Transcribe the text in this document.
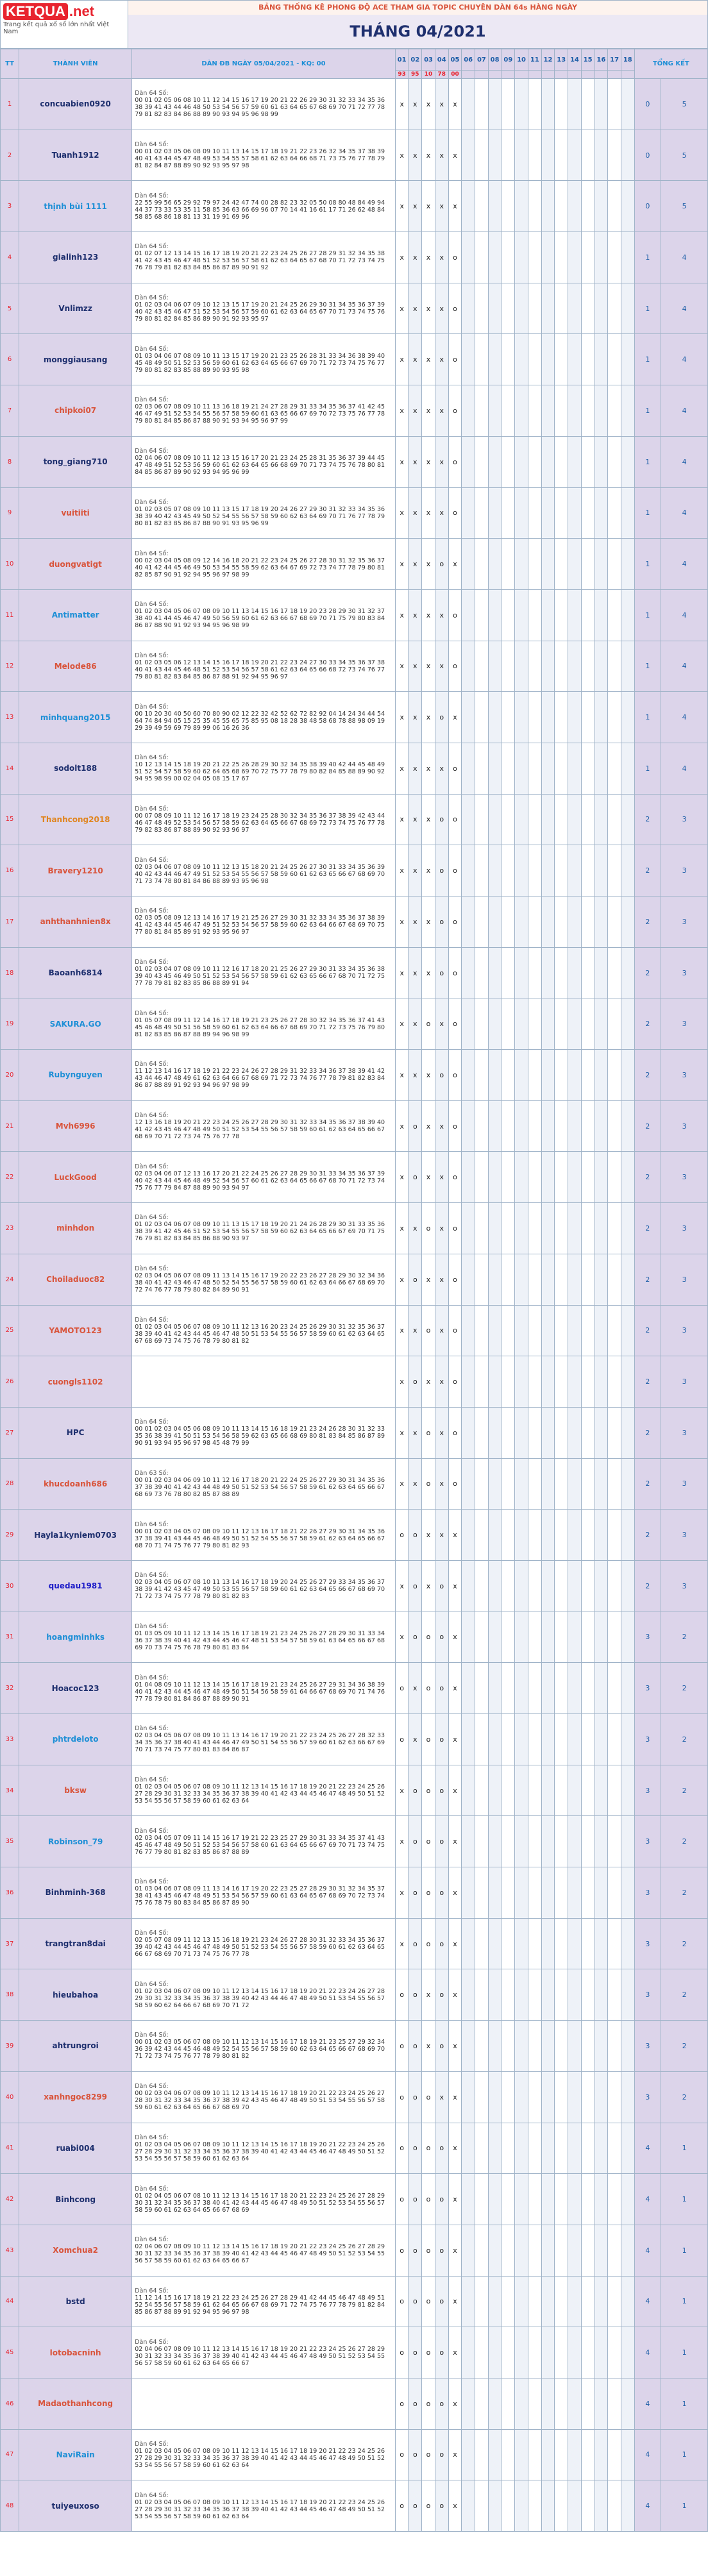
KETQUA .net
Trang kết quả xổ số lớn nhất Việt Nam
BẢNG THỐNG KÊ PHONG ĐỘ ACE THAM GIA TOPIC CHUYÊN DÀN 64s HÀNG NGÀY
THÁNG 04/2021
TT	THÀNH VIÊN	DÀN ĐB NGÀY 05/04/2021 - KQ: 00	01	02	03	04	05	06	07	08	09	10	11	12	13	14	15	16	17	18	TỔNG KẾT	
			93	95	10	78	00															
1	concuabien0920	Dàn 64 Số:
00 01 02 05 06 08 10 11 12 14 15 16 17 19 20 21 22 26 29 30 31 32 33 34 35 36 38 39 41 43 44 46 48 50 53 54 56 57 59 60 61 63 64 65 67 68 69 70 71 72 77 78 79 81 82 83 84 86 88 89 90 93 94 95 96 98 99	x	x	x	x	x														0	5
2	Tuanh1912	Dàn 64 Số:
00 01 02 03 05 06 08 09 10 11 13 14 15 17 18 19 21 22 23 26 32 34 35 37 38 39 40 41 43 44 45 47 48 49 53 54 55 57 58 61 62 63 64 66 68 71 73 75 76 77 78 79 81 82 84 87 88 89 90 92 93 95 97 98	x	x	x	x	x														0	5
3	thịnh bùi 1111	Dàn 64 Số:
22 55 99 56 65 29 92 79 97 24 42 47 74 00 28 82 23 32 05 50 08 80 48 84 49 94 44 37 73 33 53 35 11 58 85 36 63 66 69 96 07 70 14 41 16 61 17 71 26 62 48 84 58 85 68 86 18 81 13 31 19 91 69 96	x	x	x	x	x														0	5
4	gialinh123	Dàn 64 Số:
01 02 07 12 13 14 15 16 17 18 19 20 21 22 23 24 25 26 27 28 29 31 32 34 35 38 41 42 43 45 46 47 48 51 52 53 56 57 58 61 62 63 64 65 67 68 70 71 72 73 74 75 76 78 79 81 82 83 84 85 86 87 89 90 91 92	x	x	x	x	o														1	4
5	Vnlimzz	Dàn 64 Số:
01 02 03 04 06 07 09 10 12 13 15 17 19 20 21 24 25 26 29 30 31 34 35 36 37 39 40 42 43 45 46 47 51 52 53 54 56 57 59 60 61 62 63 64 65 67 70 71 73 74 75 76 79 80 81 82 84 85 86 89 90 91 92 93 95 97	x	x	x	x	o														1	4
6	monggiausang	Dàn 64 Số:
01 03 04 06 07 08 09 10 11 13 15 17 19 20 21 23 25 26 28 31 33 34 36 38 39 40 45 48 49 50 51 52 53 56 59 60 61 62 63 64 65 66 67 69 70 71 72 73 74 75 76 77 79 80 81 82 83 85 88 89 90 93 95 98	x	x	x	x	o														1	4
7	chipkoi07	Dàn 64 Số:
02 03 06 07 08 09 10 11 13 16 18 19 21 24 27 28 29 31 33 34 35 36 37 41 42 45 46 47 49 51 52 53 54 55 56 57 58 59 60 61 63 65 66 67 69 70 72 73 75 76 77 78 79 80 81 84 85 86 87 88 90 91 93 94 95 96 97 99	x	x	x	x	o														1	4
8	tong_giang710	Dàn 64 Số:
02 04 06 07 08 09 10 11 12 13 15 16 17 20 21 23 24 25 28 31 35 36 37 39 44 45 47 48 49 51 52 53 56 59 60 61 62 63 64 65 66 68 69 70 71 73 74 75 76 78 80 81 84 85 86 87 89 90 92 93 94 95 96 99	x	x	x	x	o														1	4
9	vuitiiti	Dàn 64 Số:
01 02 03 05 07 08 09 10 11 13 15 17 18 19 20 24 26 27 29 30 31 32 33 34 35 36 38 39 40 42 43 45 49 50 52 54 55 56 57 58 59 60 62 63 64 69 70 71 76 77 78 79 80 81 82 83 85 86 87 88 90 91 93 95 96 99	x	x	x	x	o														1	4
10	duongvatigt	Dàn 64 Số:
00 02 03 04 05 08 09 12 14 16 18 20 21 22 23 24 25 26 27 28 30 31 32 35 36 37 40 41 42 44 45 46 49 50 53 54 55 58 59 62 63 64 67 69 72 73 74 77 78 79 80 81 82 85 87 90 91 92 94 95 96 97 98 99	x	x	x	o	x														1	4
11	Antimatter	Dàn 64 Số:
01 02 03 04 05 06 07 08 09 10 11 13 14 15 16 17 18 19 20 23 28 29 30 31 32 37 38 40 41 44 45 46 47 49 50 56 59 60 61 62 63 66 67 68 69 70 71 75 79 80 83 84 86 87 88 90 91 92 93 94 95 96 98 99	x	x	x	x	o														1	4
12	Melode86	Dàn 64 Số:
01 02 03 05 06 12 13 14 15 16 17 18 19 20 21 22 23 24 27 30 33 34 35 36 37 38 40 41 43 44 45 46 48 51 52 53 54 56 57 58 61 62 63 64 65 66 68 72 73 74 76 77 79 80 81 82 83 84 85 86 87 88 91 92 94 95 96 97	x	x	x	x	o														1	4
13	minhquang2015	Dàn 64 Số:
00 10 20 30 40 50 60 70 80 90 02 12 22 32 42 52 62 72 82 92 04 14 24 34 44 54 64 74 84 94 05 15 25 35 45 55 65 75 85 95 08 18 28 38 48 58 68 78 88 98 09 19 29 39 49 59 69 79 89 99 06 16 26 36	x	x	x	o	x														1	4
14	sodolt188	Dàn 64 Số:
10 12 13 14 15 18 19 20 21 22 25 26 28 29 30 32 34 35 38 39 40 42 44 45 48 49 51 52 54 57 58 59 60 62 64 65 68 69 70 72 75 77 78 79 80 82 84 85 88 89 90 92 94 95 98 99 00 02 04 05 08 15 17 67	x	x	x	x	o														1	4
15	Thanhcong2018	Dàn 64 Số:
00 07 08 09 10 11 12 16 17 18 19 23 24 25 28 30 32 34 35 36 37 38 39 42 43 44 46 47 48 49 52 53 54 56 57 58 59 62 63 64 65 66 67 68 69 72 73 74 75 76 77 78 79 82 83 86 87 88 89 90 92 93 96 97	x	x	x	o	o														2	3
16	Bravery1210	Dàn 64 Số:
02 03 04 06 07 08 09 10 11 12 13 15 18 20 21 24 25 26 27 30 31 33 34 35 36 39 40 42 43 44 46 47 49 51 52 53 54 55 56 57 58 59 60 61 62 63 65 66 67 68 69 70 71 73 74 78 80 81 84 86 88 89 93 95 96 98	x	x	x	o	o														2	3
17	anhthanhnien8x	Dàn 64 Số:
02 03 05 08 09 12 13 14 16 17 19 21 25 26 27 29 30 31 32 33 34 35 36 37 38 39 41 42 43 44 45 46 47 49 51 52 53 54 56 57 58 59 60 62 63 64 66 67 68 69 70 75 77 80 81 84 85 89 91 92 93 95 96 97	x	x	x	o	o														2	3
18	Baoanh6814	Dàn 64 Số:
01 02 03 04 07 08 09 10 11 12 16 17 18 20 21 25 26 27 29 30 31 33 34 35 36 38 39 40 43 45 46 49 50 51 52 53 54 56 57 58 59 61 62 63 65 66 67 68 70 71 72 75 77 78 79 81 82 83 85 86 88 89 91 94	x	x	x	o	o														2	3
19	SAKURA.GO	Dàn 64 Số:
01 05 07 08 09 11 12 14 16 17 18 19 21 23 25 26 27 28 30 32 34 35 36 37 41 43 45 46 48 49 50 51 56 58 59 60 61 62 63 64 66 67 68 69 70 71 72 73 75 76 79 80 81 82 83 85 86 87 88 89 94 96 98 99	x	x	o	x	o														2	3
20	Rubynguyen	Dàn 64 Số:
11 12 13 14 16 17 18 19 21 22 23 24 26 27 28 29 31 32 33 34 36 37 38 39 41 42 43 44 46 47 48 49 61 62 63 64 66 67 68 69 71 72 73 74 76 77 78 79 81 82 83 84 86 87 88 89 91 92 93 94 96 97 98 99	x	x	x	o	o														2	3
21	Mvh6996	Dàn 64 Số:
12 13 16 18 19 20 21 22 23 24 25 26 27 28 29 30 31 32 33 34 35 36 37 38 39 40 41 42 43 45 46 47 48 49 50 51 52 53 54 55 56 57 58 59 60 61 62 63 64 65 66 67 68 69 70 71 72 73 74 75 76 77 78	x	o	x	x	o														2	3
22	LuckGood	Dàn 64 Số:
02 03 04 06 07 12 13 16 17 20 21 22 24 25 26 27 28 29 30 31 33 34 35 36 37 39 40 42 43 44 45 46 48 49 52 54 56 57 60 61 62 63 64 65 66 67 68 70 71 72 73 74 75 76 77 79 84 87 88 89 90 93 94 97	x	o	x	x	o														2	3
23	minhdon	Dàn 64 Số:
01 02 03 04 06 07 08 09 10 11 13 15 17 18 19 20 21 24 26 28 29 30 31 33 35 36 38 39 41 42 45 46 51 52 53 54 55 56 57 58 59 60 62 63 64 65 66 67 69 70 71 75 76 79 81 82 83 84 85 86 88 90 93 97	x	x	o	x	o														2	3
24	Choiladuoc82	Dàn 64 Số:
02 03 04 05 06 07 08 09 11 13 14 15 16 17 19 20 22 23 26 27 28 29 30 32 34 36 38 40 41 42 43 46 47 48 50 52 54 55 56 57 58 59 60 61 62 63 64 66 67 68 69 70 72 74 76 77 78 79 80 82 84 89 90 91	x	o	x	x	o														2	3
25	YAMOTO123	Dàn 64 Số:
01 02 03 04 05 06 07 08 09 10 11 12 13 16 20 23 24 25 26 29 30 31 32 35 36 37 38 39 40 41 42 43 44 45 46 47 48 50 51 53 54 55 56 57 58 59 60 61 62 63 64 65 67 68 69 73 74 75 76 78 79 80 81 82	x	x	o	x	o														2	3
26	cuongls1102		x	o	x	x	o														2	3
27	HPC	Dàn 64 Số:
00 01 02 03 04 05 06 08 09 10 11 13 14 15 16 18 19 21 23 24 26 28 30 31 32 33 35 36 38 39 41 50 51 53 54 56 58 59 62 63 65 66 68 69 80 81 83 84 85 86 87 89 90 91 93 94 95 96 97 98 45 48 79 99	x	x	o	x	o														2	3
28	khucdoanh686	Dàn 63 Số:
00 01 02 03 04 06 09 10 11 12 16 17 18 20 21 22 24 25 26 27 29 30 31 34 35 36 37 38 39 40 41 42 43 44 48 49 50 51 52 53 54 56 57 58 59 61 62 63 64 65 66 67 68 69 73 76 78 80 82 85 87 88 89	x	x	o	x	o														2	3
29	Hayla1kyniem0703	Dàn 64 Số:
00 01 02 03 04 05 07 08 09 10 11 12 13 16 17 18 21 22 26 27 29 30 31 34 35 36 37 38 39 41 43 44 45 46 48 49 50 51 52 54 55 56 57 58 59 61 62 63 64 65 66 67 68 70 71 74 75 76 77 79 80 81 82 93	o	o	x	x	x														2	3
30	quedau1981	Dàn 64 Số:
02 03 04 05 06 07 08 10 11 13 14 16 17 18 19 20 24 25 26 27 29 33 34 35 36 37 38 39 41 42 43 45 47 49 50 53 55 56 57 58 59 60 61 62 63 64 65 66 67 68 69 70 71 72 73 74 75 77 78 79 80 81 82 83	x	o	x	o	x														2	3
31	hoangminhks	Dàn 64 Số:
01 03 05 09 10 11 12 13 14 15 16 17 18 19 21 23 24 25 26 27 28 29 30 31 33 34 36 37 38 39 40 41 42 43 44 45 46 47 48 51 53 54 57 58 59 61 63 64 65 66 67 68 69 70 73 74 75 76 78 79 80 81 83 84	x	o	o	o	x														3	2
32	Hoacoc123	Dàn 64 Số:
01 04 08 09 10 11 12 13 14 15 16 17 18 19 21 23 24 25 26 27 29 31 34 36 38 39 40 41 42 43 44 45 46 47 48 49 50 51 54 56 58 59 61 64 66 67 68 69 70 71 74 76 77 78 79 80 81 84 86 87 88 89 90 91	o	x	o	o	x														3	2
33	phtrdeloto	Dàn 64 Số:
02 03 04 05 06 07 08 09 10 11 13 14 16 17 19 20 21 22 23 24 25 26 27 28 32 33 34 35 36 37 38 40 41 43 44 46 47 49 50 51 54 55 56 57 59 60 61 62 63 66 67 69 70 71 73 74 75 77 80 81 83 84 86 87	o	x	o	o	x														3	2
34	bksw	Dàn 64 Số:
01 02 03 04 05 06 07 08 09 10 11 12 13 14 15 16 17 18 19 20 21 22 23 24 25 26 27 28 29 30 31 32 33 34 35 36 37 38 39 40 41 42 43 44 45 46 47 48 49 50 51 52 53 54 55 56 57 58 59 60 61 62 63 64	x	o	o	o	x														3	2
35	Robinson_79	Dàn 64 Số:
02 03 04 05 07 09 11 14 15 16 17 19 21 22 23 25 27 29 30 31 33 34 35 37 41 43 45 46 47 48 49 50 51 52 53 54 56 57 58 60 61 63 64 65 66 67 69 70 71 73 74 75 76 77 79 80 81 82 83 85 86 87 88 89	x	o	o	o	x														3	2
36	Binhminh-368	Dàn 64 Số:
01 03 04 06 07 08 09 11 13 14 16 17 19 20 22 23 25 27 28 29 30 31 32 34 35 37 38 41 43 45 46 47 48 49 51 53 54 56 57 59 60 61 63 64 65 67 68 69 70 72 73 74 75 76 78 79 80 83 84 85 86 87 89 90	x	o	o	o	x														3	2
37	trangtran8dai	Dàn 64 Số:
02 05 07 08 09 11 12 13 15 16 18 19 21 23 24 26 27 28 30 31 32 33 34 35 36 37 39 40 42 43 44 45 46 47 48 49 50 51 52 53 54 55 56 57 58 59 60 61 62 63 64 65 66 67 68 69 70 71 73 74 75 76 77 78	x	o	o	o	x														3	2
38	hieubahoa	Dàn 64 Số:
01 02 03 04 06 07 08 09 10 11 12 13 14 15 16 17 18 19 20 21 22 23 24 26 27 28 29 30 31 32 33 34 35 36 37 38 39 40 42 43 44 46 47 48 49 50 51 53 54 55 56 57 58 59 60 62 64 66 67 68 69 70 71 72	o	o	x	o	x														3	2
39	ahtrungroi	Dàn 64 Số:
00 01 02 03 05 06 07 08 09 10 11 12 13 14 15 16 17 18 19 21 23 25 27 29 32 34 36 39 42 43 44 45 46 48 49 52 54 55 56 57 58 59 60 62 63 64 65 66 67 68 69 70 71 72 73 74 75 76 77 78 79 80 81 82	o	o	x	o	x														3	2
40	xanhngoc8299	Dàn 64 Số:
00 02 03 04 06 07 08 09 10 11 12 13 14 15 16 17 18 19 20 21 22 23 24 25 26 27 28 30 31 32 33 34 35 36 37 38 39 42 43 45 46 47 48 49 50 51 53 54 55 56 57 58 59 60 61 62 63 64 65 66 67 68 69 70	o	o	o	x	x														3	2
41	ruabi004	Dàn 64 Số:
01 02 03 04 05 06 07 08 09 10 11 12 13 14 15 16 17 18 19 20 21 22 23 24 25 26 27 28 29 30 31 32 33 34 35 36 37 38 39 40 41 42 43 44 45 46 47 48 49 50 51 52 53 54 55 56 57 58 59 60 61 62 63 64	o	o	o	o	x														4	1
42	Binhcong	Dàn 64 Số:
01 02 04 05 06 07 08 10 11 12 13 14 15 16 17 18 20 21 22 23 24 25 26 27 28 29 30 31 32 34 35 36 37 38 40 41 42 43 44 45 46 47 48 49 50 51 52 53 54 55 56 57 58 59 60 61 62 63 64 65 66 67 68 69	o	o	o	o	x														4	1
43	Xomchua2	Dàn 64 Số:
02 04 06 07 08 09 10 11 12 13 14 15 16 17 18 19 20 21 22 23 24 25 26 27 28 29 30 31 32 33 34 35 36 37 38 39 40 41 42 43 44 45 46 47 48 49 50 51 52 53 54 55 56 57 58 59 60 61 62 63 64 65 66 67	o	o	o	o	x														4	1
44	bstd	Dàn 64 Số:
11 12 14 15 16 17 18 19 21 22 23 24 25 26 27 28 29 41 42 44 45 46 47 48 49 51 52 54 55 56 57 58 59 61 62 64 65 66 67 68 69 71 72 74 75 76 77 78 79 81 82 84 85 86 87 88 89 91 92 94 95 96 97 98	o	o	o	o	x														4	1
45	lotobacninh	Dàn 64 Số:
02 04 06 07 08 09 10 11 12 13 14 15 16 17 18 19 20 21 22 23 24 25 26 27 28 29 30 31 32 33 34 35 36 37 38 39 40 41 42 43 44 45 46 47 48 49 50 51 52 53 54 55 56 57 58 59 60 61 62 63 64 65 66 67	o	o	o	o	x														4	1
46	Madaothanhcong		o	o	o	o	x														4	1
47	NaviRain	Dàn 64 Số:
01 02 03 04 05 06 07 08 09 10 11 12 13 14 15 16 17 18 19 20 21 22 23 24 25 26 27 28 29 30 31 32 33 34 35 36 37 38 39 40 41 42 43 44 45 46 47 48 49 50 51 52 53 54 55 56 57 58 59 60 61 62 63 64	o	o	o	o	x														4	1
48	tuiyeuxoso	Dàn 64 Số:
01 02 03 04 05 06 07 08 09 10 11 12 13 14 15 16 17 18 19 20 21 22 23 24 25 26 27 28 29 30 31 32 33 34 35 36 37 38 39 40 41 42 43 44 45 46 47 48 49 50 51 52 53 54 55 56 57 58 59 60 61 62 63 64	o	o	o	o	x														4	1
